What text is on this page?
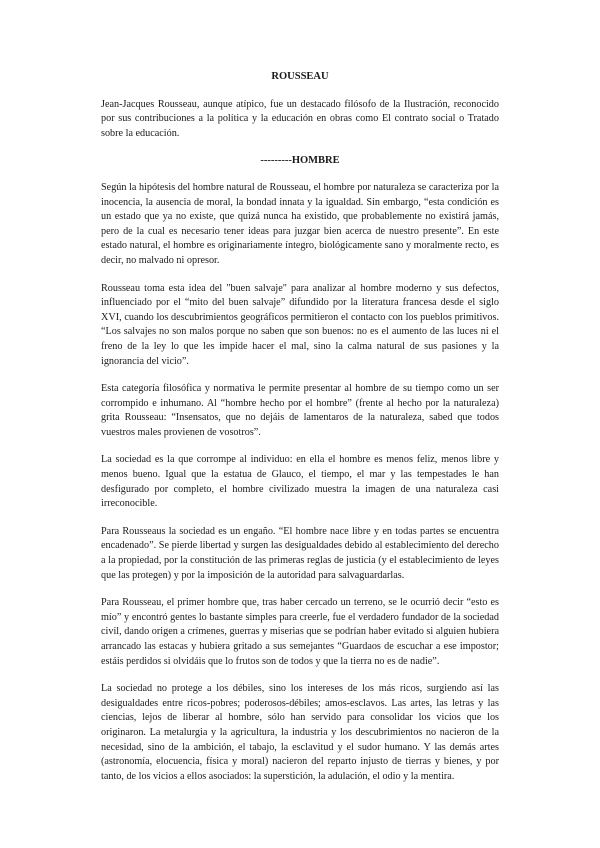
ROUSSEAU

Jean-Jacques Rousseau, aunque atípico, fue un destacado filósofo de la Ilustración, reconocido por sus contribuciones a la política y la educación en obras como El contrato social o Tratado sobre la educación.

---------HOMBRE

Según la hipótesis del hombre natural de Rousseau, el hombre por naturaleza se caracteriza por la inocencia, la ausencia de moral, la bondad innata y la igualdad. Sin embargo, “esta condición es un estado que ya no existe, que quizá nunca ha existido, que probablemente no existirá jamás, pero de la cual es necesario tener ideas para juzgar bien acerca de nuestro presente”. En este estado natural, el hombre es originariamente íntegro, biológicamente sano y moralmente recto, es decir, no malvado ni opresor.

Rousseau toma esta idea del "buen salvaje" para analizar al hombre moderno y sus defectos, influenciado por el “mito del buen salvaje” difundido por la literatura francesa desde el siglo XVI, cuando los descubrimientos geográficos permitieron el contacto con los pueblos primitivos. “Los salvajes no son malos porque no saben que son buenos: no es el aumento de las luces ni el freno de la ley lo que les impide hacer el mal, sino la calma natural de sus pasiones y la ignorancia del vicio”.

Esta categoría filosófica y normativa le permite presentar al hombre de su tiempo como un ser corrompido e inhumano. Al “hombre hecho por el hombre” (frente al hecho por la naturaleza) grita Rousseau: “Insensatos, que no dejáis de lamentaros de la naturaleza, sabed que todos vuestros males provienen de vosotros”.

La sociedad es la que corrompe al individuo: en ella el hombre es menos feliz, menos libre y menos bueno. Igual que la estatua de Glauco, el tiempo, el mar y las tempestades le han desfigurado por completo, el hombre civilizado muestra la imagen de una naturaleza casi irreconocible.

Para Rousseaus la sociedad es un engaño. “El hombre nace libre y en todas partes se encuentra encadenado”. Se pierde libertad y surgen las desigualdades debido al establecimiento del derecho a la propiedad, por la constitución de las primeras reglas de justicia (y el establecimiento de leyes que las protegen) y por la imposición de la autoridad para salvaguardarlas.

Para Rousseau, el primer hombre que, tras haber cercado un terreno, se le ocurrió decir “esto es mío” y encontró gentes lo bastante simples para creerle, fue el verdadero fundador de la sociedad civil, dando origen a crímenes, guerras y miserias que se podrían haber evitado si alguien hubiera arrancado las estacas y hubiera gritado a sus semejantes “Guardaos de escuchar a ese impostor; estáis perdidos si olvidáis que lo frutos son de todos y que la tierra no es de nadie”.

La sociedad no protege a los débiles, sino los intereses de los más ricos, surgiendo así las desigualdades entre ricos-pobres; poderosos-débiles; amos-esclavos. Las artes, las letras y las ciencias, lejos de liberar al hombre, sólo han servido para consolidar los vicios que los originaron. La metalurgia y la agricultura, la industria y los descubrimientos no nacieron de la necesidad, sino de la ambición, el tabajo, la esclavitud y el sudor humano. Y las demás artes (astronomía, elocuencia, física y moral) nacieron del reparto injusto de tierras y bienes, y por tanto, de los vicios a ellos asociados: la superstición, la adulación, el odio y la mentira.
